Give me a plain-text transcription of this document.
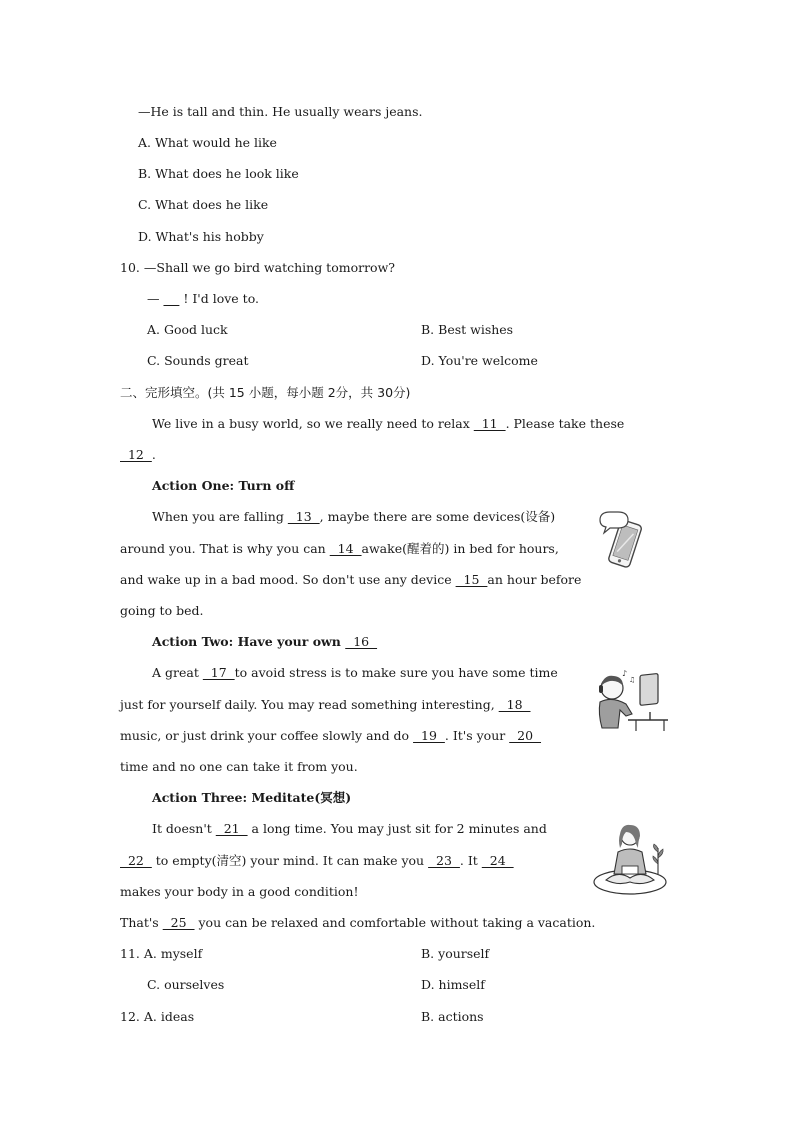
—He is tall and thin. He usually wears jeans.
A. What would he like
B. What does he look like
C. What does he like
D. What's his hobby
10. —Shall we go bird watching tomorrow?
—      ! I'd love to.
A. Good luck	B. Best wishes
C. Sounds great	D. You're welcome
二、完形填空。(共 15 小题，每小题 2分，共 30分)
We live in a busy world, so we really need to relax   11  . Please take these
12  .
Action One: Turn off
When you are falling   13  , maybe there are some devices(设备)
around you. That is why you can   14  awake(醒着的) in bed for hours,
and wake up in a bad mood. So don't use any device   15  an hour before
going to bed.
Action Two: Have your own   16
A great   17  to avoid stress is to make sure you have some time
just for yourself daily. You may read something interesting,   18
music, or just drink your coffee slowly and do   19  . It's your   20
time and no one can take it from you.
♪
♫
Action Three: Meditate(冥想)
It doesn't   21   a long time. You may just sit for 2 minutes and
22   to empty(清空) your mind. It can make you   23  . It   24
makes your body in a good condition!
That's   25   you can be relaxed and comfortable without taking a vacation.
11. A. myself	B. yourself
C. ourselves	D. himself
12. A. ideas	B. actions
